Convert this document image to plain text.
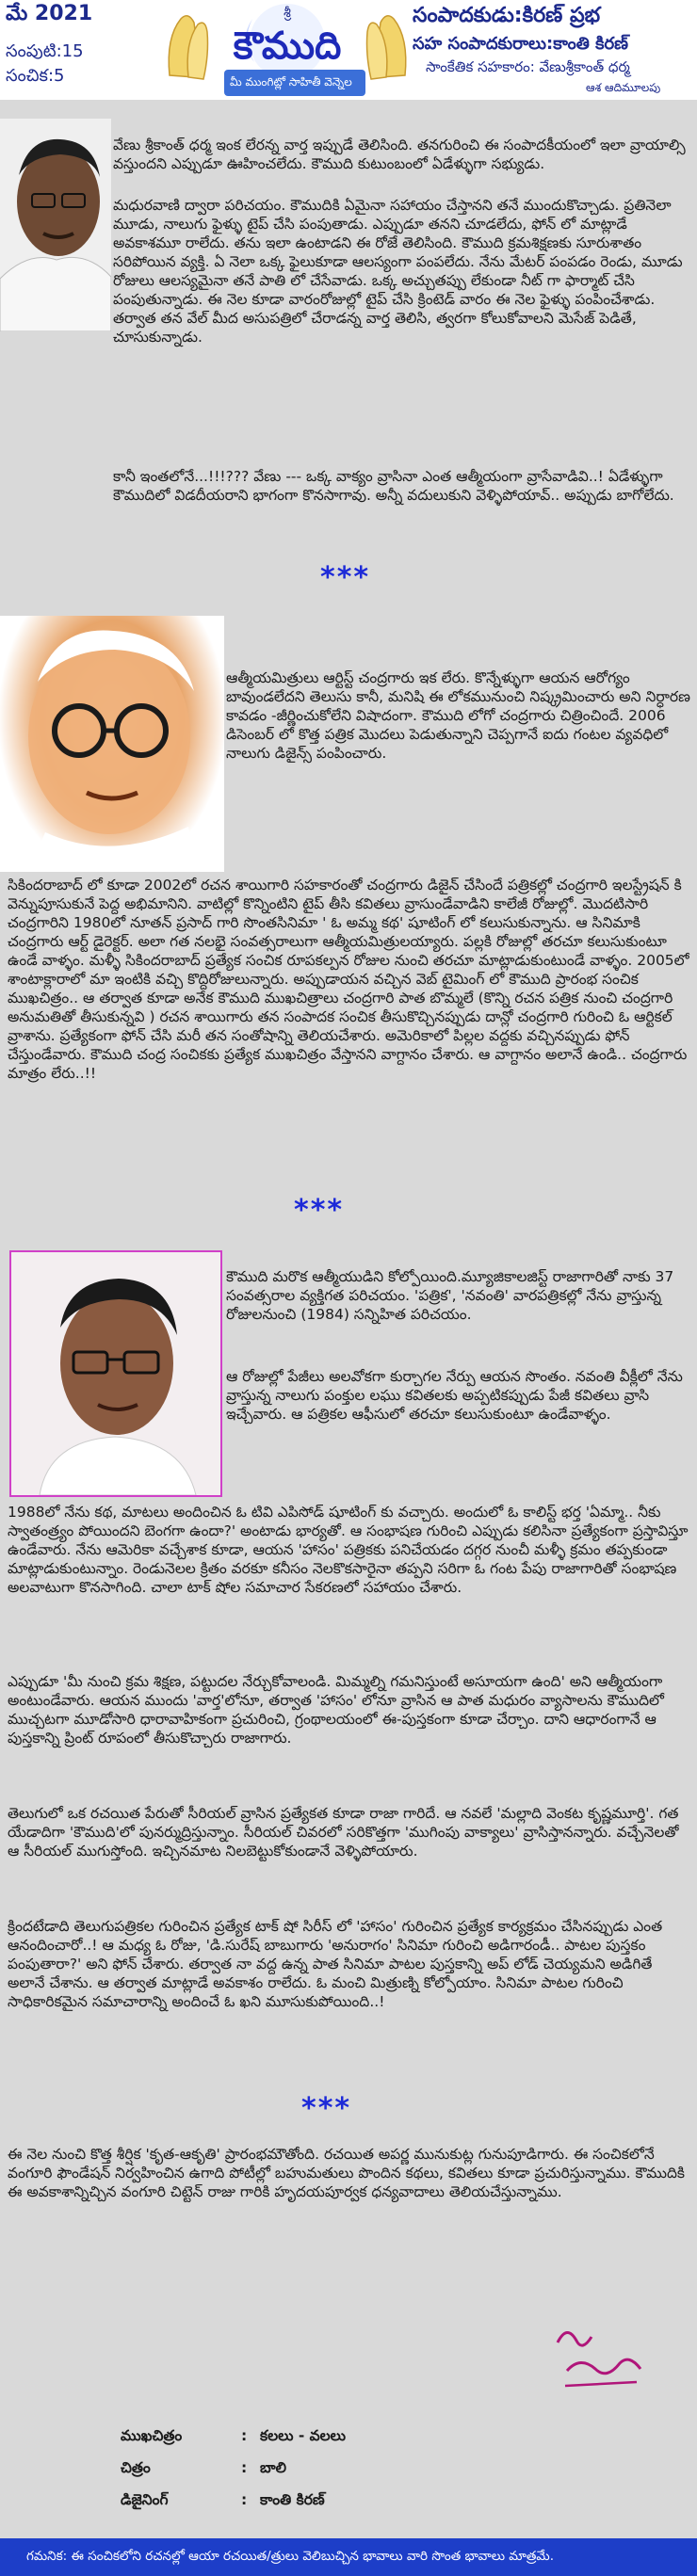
మే 2021
సంపుటి:15
సంచిక:5
శ్రీ
కౌముది
మీ ముంగిట్లో సాహితీ వెన్నెల
సంపాదకుడు:కిరణ్ ప్రభ
సహ సంపాదకురాలు:కాంతి కిరణ్
సాంకేతిక సహకారం: వేణుశ్రీకాంత్ ధర్మ
ఆశ ఆదిమూలపు

వేణు శ్రీకాంత్ ధర్మ ఇంక లేరన్న వార్త ఇప్పుడే తెలిసింది. తనగురించి ఈ సంపాదకీయంలో ఇలా వ్రాయాల్సి వస్తుందని ఎప్పుడూ ఊహించలేదు. కౌముది కుటుంబంలో ఏడేళ్ళుగా సభ్యుడు.

మధురవాణి ద్వారా పరిచయం. కౌముదికి ఏమైనా సహాయం చేస్తానని తనే ముందుకొచ్చాడు. ప్రతినెలా మూడు, నాలుగు ఫైళ్ళు టైప్ చేసి పంపుతాడు. ఎప్పుడూ తనని చూడలేదు, ఫోన్ లో మాట్లాడే అవకాశమూ రాలేదు. తను ఇలా ఉంటాడని ఈ రోజే తెలిసింది. కౌముది క్రమశిక్షణకు సూరుశాతం సరిపోయిన వ్యక్తి. ఏ నెలా ఒక్క ఫైలుకూడా ఆలస్యంగా పంపలేదు. నేను మేటర్ పంపడం రెండు, మూడు రోజులు ఆలస్యమైనా తనే పాతి లో చేసేవాడు. ఒక్క అచ్చుతప్పు లేకుండా నీట్ గా ఫార్మాట్ చేసి పంపుతున్నాడు. ఈ నెల కూడా వారంరోజుల్లో టైప్ చేసి క్రింటెడ్ వారం ఈ నెల ఫైళ్ళు పంపించేశాడు. తర్వాత తన వేల్ మీద అసుపత్రిలో చేరాడన్న వార్త తెలిసి, త్వరగా కోలుకోవాలని మెసేజ్ పెడితే, చూసుకున్నాడు.

కానీ ఇంతలోనే...!!!??? వేణు --- ఒక్క వాక్యం వ్రాసినా ఎంత ఆత్మీయంగా వ్రాసేవాడివి..! ఏడేళ్ళుగా కౌముదిలో విడదీయరాని భాగంగా కొనసాగావు. అన్నీ వదులుకుని వెళ్ళిపోయావ్.. అప్పుడు బాగోలేదు.

***

ఆత్మీయమిత్రులు ఆర్టిస్ట్ చంద్రగారు ఇక లేరు. కొన్నేళ్ళుగా ఆయన ఆరోగ్యం బావుండలేదని తెలుసు కానీ, మనిషి ఈ లోకమునుంచి నిష్క్రమించారు అని నిర్ధారణ కావడం -జీర్ణించుకోలేని విషాదంగా. కౌముది లోగో చంద్రగారు చిత్రించిందే. 2006 డిసెంబర్ లో కొత్త పత్రిక మొదలు పెడుతున్నాని చెప్పగానే ఐదు గంటల వ్యవధిలో నాలుగు డిజైన్స్ పంపించారు.

సికిందరాబాద్ లో కూడా 2002లో రచన శాయిగారి సహకారంతో చంద్రగారు డిజైన్ చేసిందే పత్రికల్లో చంద్రగారి ఇలస్ట్రేషన్ కి వెన్నుపూసుకునే పెద్ద అభిమానిని. వాటిల్లో కొన్నింటిని టైప్ తీసి కవితలు వ్రాసుండేవాడిని కాలేజీ రోజుల్లో. మొదటిసారి చంద్రగారిని 1980లో నూతన్ ప్రసాద్ గారి సొంతసినిమా ' ఓ అమ్మ కథ' షూటింగ్ లో కలుసుకున్నాను. ఆ సినిమాకి చంద్రగారు ఆర్ట్ డైరెక్టర్. అలా గత నలభై సంవత్సరాలుగా ఆత్మీయమిత్రులయ్యారు. పల్లకి రోజుల్లో తరచూ కలుసుకుంటూ ఉండే వాళ్ళం. మళ్ళీ సికిందరాబాద్ ప్రత్యేక సంచిక రూపకల్పన రోజుల నుంచి తరచూ మాట్లాడుకుంటుండే వాళ్ళం. 2005లో శాంటాక్లారాలో మా ఇంటికి వచ్చి కొద్దిరోజులున్నారు. అప్పుడాయన వచ్చిన వెబ్ టైమింగ్ లో కౌముది ప్రారంభ సంచిక ముఖచిత్రం.. ఆ తర్వాత కూడా అనేక కౌముది ముఖచిత్రాలు చంద్రగారి పాత బొమ్మలే (కొన్ని రచన పత్రిక నుంచి చంద్రగారి అనుమతితో తీసుకున్నవి ) రచన శాయిగారు తన సంపాదక సంచిక తీసుకొచ్చినప్పుడు దాన్లో చంద్రగారి గురించి ఓ ఆర్టికల్ వ్రాశాను. ప్రత్యేకంగా ఫోన్ చేసి మరీ తన సంతోషాన్ని తెలియచేశారు. అమెరికాలో పిల్లల వద్దకు వచ్చినప్పుడు ఫోన్ చేస్తుండేవారు. కౌముది చంద్ర సంచికకు ప్రత్యేక ముఖచిత్రం వేస్తానని వాగ్దానం చేశారు. ఆ వాగ్దానం అలానే ఉండి.. చంద్రగారు మాత్రం లేరు..!!

***

కౌముది మరొక ఆత్మీయుడిని కోల్పోయింది.మ్యూజికాలజిస్ట్ రాజాగారితో నాకు 37 సంవత్సరాల వ్యక్తిగత పరిచయం. 'పత్రిక', 'నవంతి' వారపత్రికల్లో నేను వ్రాస్తున్న రోజులనుంచి (1984) సన్నిహిత పరిచయం.

ఆ రోజుల్లో పేజీలు అలవోకగా కుర్చాగల నేర్పు ఆయన సొంతం. నవంతి వీక్లీలో నేను వ్రాస్తున్న నాలుగు పంక్తుల లఘు కవితలకు అప్పటికప్పుడు పేజీ కవితలు వ్రాసి ఇచ్చేవారు. ఆ పత్రికల ఆఫీసులో తరచూ కలుసుకుంటూ ఉండేవాళ్ళం.

1988లో నేను కథ, మాటలు అందించిన ఓ టివి ఎపిసోడ్ షూటింగ్ కు వచ్చారు. అందులో ఓ కాలిస్ట్ భర్త 'ఏమ్మా.. నీకు స్వాతంత్ర్యం పోయిందని బెంగగా ఉందా?' అంటాడు భార్యతో. ఆ సంభాషణ గురించి ఎప్పుడు కలిసినా ప్రత్యేకంగా ప్రస్తావిస్తూ ఉండేవారు. నేను ఆమెరికా వచ్చేశాక కూడా, ఆయన 'హాసం' పత్రికకు పనిచేయడం దగ్గర నుంచీ మళ్ళీ క్రమం తప్పకుండా మాట్లాడుకుంటున్నాం. రెండునెలల క్రితం వరకూ కనీసం నెలకొకసారైనా తప్పని సరిగా ఓ గంట పేపు రాజాగారితో సంభాషణ అలవాటుగా కొనసాగింది. చాలా టాక్ షోల సమాచార సేకరణలో సహాయం చేశారు.

ఎప్పుడూ 'మీ నుంచి క్రమ శిక్షణ, పట్టుదల నేర్చుకోవాలండి. మిమ్మల్ని గమనిస్తుంటే అసూయగా ఉంది' అని ఆత్మీయంగా అంటుండేవారు. ఆయన ముందు 'వార్త'లోనూ, తర్వాత 'హాసం' లోనూ వ్రాసిన ఆ పాత మధురం వ్యాసాలను కౌముదిలో ముచ్చటగా మూడోసారి ధారావాహికంగా ప్రచురించి, గ్రంథాలయంలో ఈ-పుస్తకంగా కూడా చేర్చాం. దాని ఆధారంగానే ఆ పుస్తకాన్ని ప్రింట్ రూపంలో తీసుకొచ్చారు రాజాగారు.

తెలుగులో ఒక రచయిత పేరుతో సీరియల్ వ్రాసిన ప్రత్యేకత కూడా రాజా గారిదే. ఆ నవలే 'మల్లాది వెంకట కృష్ణమూర్తి'. గత యేడాదిగా 'కౌముది'లో పునర్ముద్రిస్తున్నాం. సీరియల్ చివరలో సరికొత్తగా 'ముగింపు వాక్యాలు' వ్రాసిస్తానన్నారు. వచ్చేనెలతో ఆ సీరియల్ ముగుస్తోంది. ఇచ్చినమాట నిలబెట్టుకోకుండానే వెళ్ళిపోయారు.

క్రిందటేడాది తెలుగుపత్రికల గురించిన ప్రత్యేక టాక్ షో సిరీస్ లో 'హాసం' గురించిన ప్రత్యేక కార్యక్రమం చేసినప్పుడు ఎంత ఆనందించారో..! ఆ మధ్య ఓ రోజు, 'డి.సురేష్ బాబుగారు 'అనురాగం' సినిమా గురించి అడిగారండీ.. పాటల పుస్తకం పంపుతారా?' అని ఫోన్ చేశారు. తర్వాత నా వద్ద ఉన్న పాత సినిమా పాటల పుస్తకాన్ని అప్ లోడ్ చెయ్యమని అడిగితే అలానే చేశాను. ఆ తర్వాత మాట్లాడే అవకాశం రాలేదు. ఓ మంచి మిత్రుణ్ని కోల్పోయాం. సినిమా పాటల గురించి సాధికారికమైన సమాచారాన్ని అందించే ఓ ఖని మూసుకుపోయింది..!

***

ఈ నెల నుంచి కొత్త శీర్షిక 'కృత-ఆకృతి' ప్రారంభమౌతోంది. రచయిత అపర్ణ మునుకుట్ల గునుపూడిగారు. ఈ సంచికలోనే వంగూరి ఫౌండేషన్ నిర్వహించిన ఉగాది పోటీల్లో బహుమతులు పొందిన కథలు, కవితలు కూడా ప్రచురిస్తున్నాము. కౌముదికి ఈ అవకాశాన్నిచ్చిన వంగూరి చిట్టెన్ రాజు గారికి హృదయపూర్వక ధన్యవాదాలు తెలియచేస్తున్నాము.

ముఖచిత్రం	: కలలు - వలలు
చిత్రం	: బాలి
డిజైనింగ్	: కాంతి కిరణ్
గమనిక: ఈ సంచికలోని రచనల్లో ఆయా రచయిత/త్రులు వెలిబుచ్చిన భావాలు వారి సొంత భావాలు మాత్రమే.
